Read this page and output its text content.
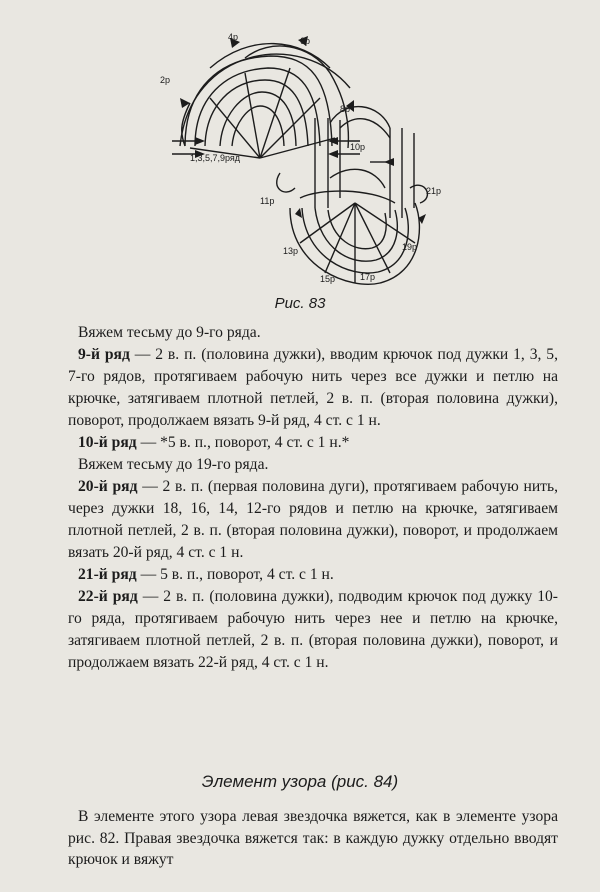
4р	6р
2р
8р
10р
1,3,5,7,9ряд
11р
21р
13р
15р	17р
19р
Рис. 83

Вяжем тесьму до 9-го ряда.

9-й ряд — 2 в. п. (половина дужки), вводим крючок под дужки 1, 3, 5, 7-го рядов, протягиваем рабочую нить через все дужки и петлю на крючке, затягиваем плотной петлей, 2 в. п. (вторая половина дужки), поворот, продолжаем вязать 9-й ряд, 4 ст. с 1 н.

10-й ряд — *5 в. п., поворот, 4 ст. с 1 н.*

Вяжем тесьму до 19-го ряда.

20-й ряд — 2 в. п. (первая половина дуги), протягиваем рабочую нить, через дужки 18, 16, 14, 12-го рядов и петлю на крючке, затягиваем плотной петлей, 2 в. п. (вторая половина дужки), поворот, и продолжаем вязать 20-й ряд, 4 ст. с 1 н.

21-й ряд — 5 в. п., поворот, 4 ст. с 1 н.

22-й ряд — 2 в. п. (половина дужки), подводим крючок под дужку 10-го ряда, протягиваем рабочую нить через нее и петлю на крючке, затягиваем плотной петлей, 2 в. п. (вторая половина дужки), поворот, и продолжаем вязать 22-й ряд, 4 ст. с 1 н.

Элемент узора (рис. 84)

В элементе этого узора левая звездочка вяжется, как в элементе узора рис. 82. Правая звездочка вяжется так: в каждую дужку отдельно вводят крючок и вяжут
